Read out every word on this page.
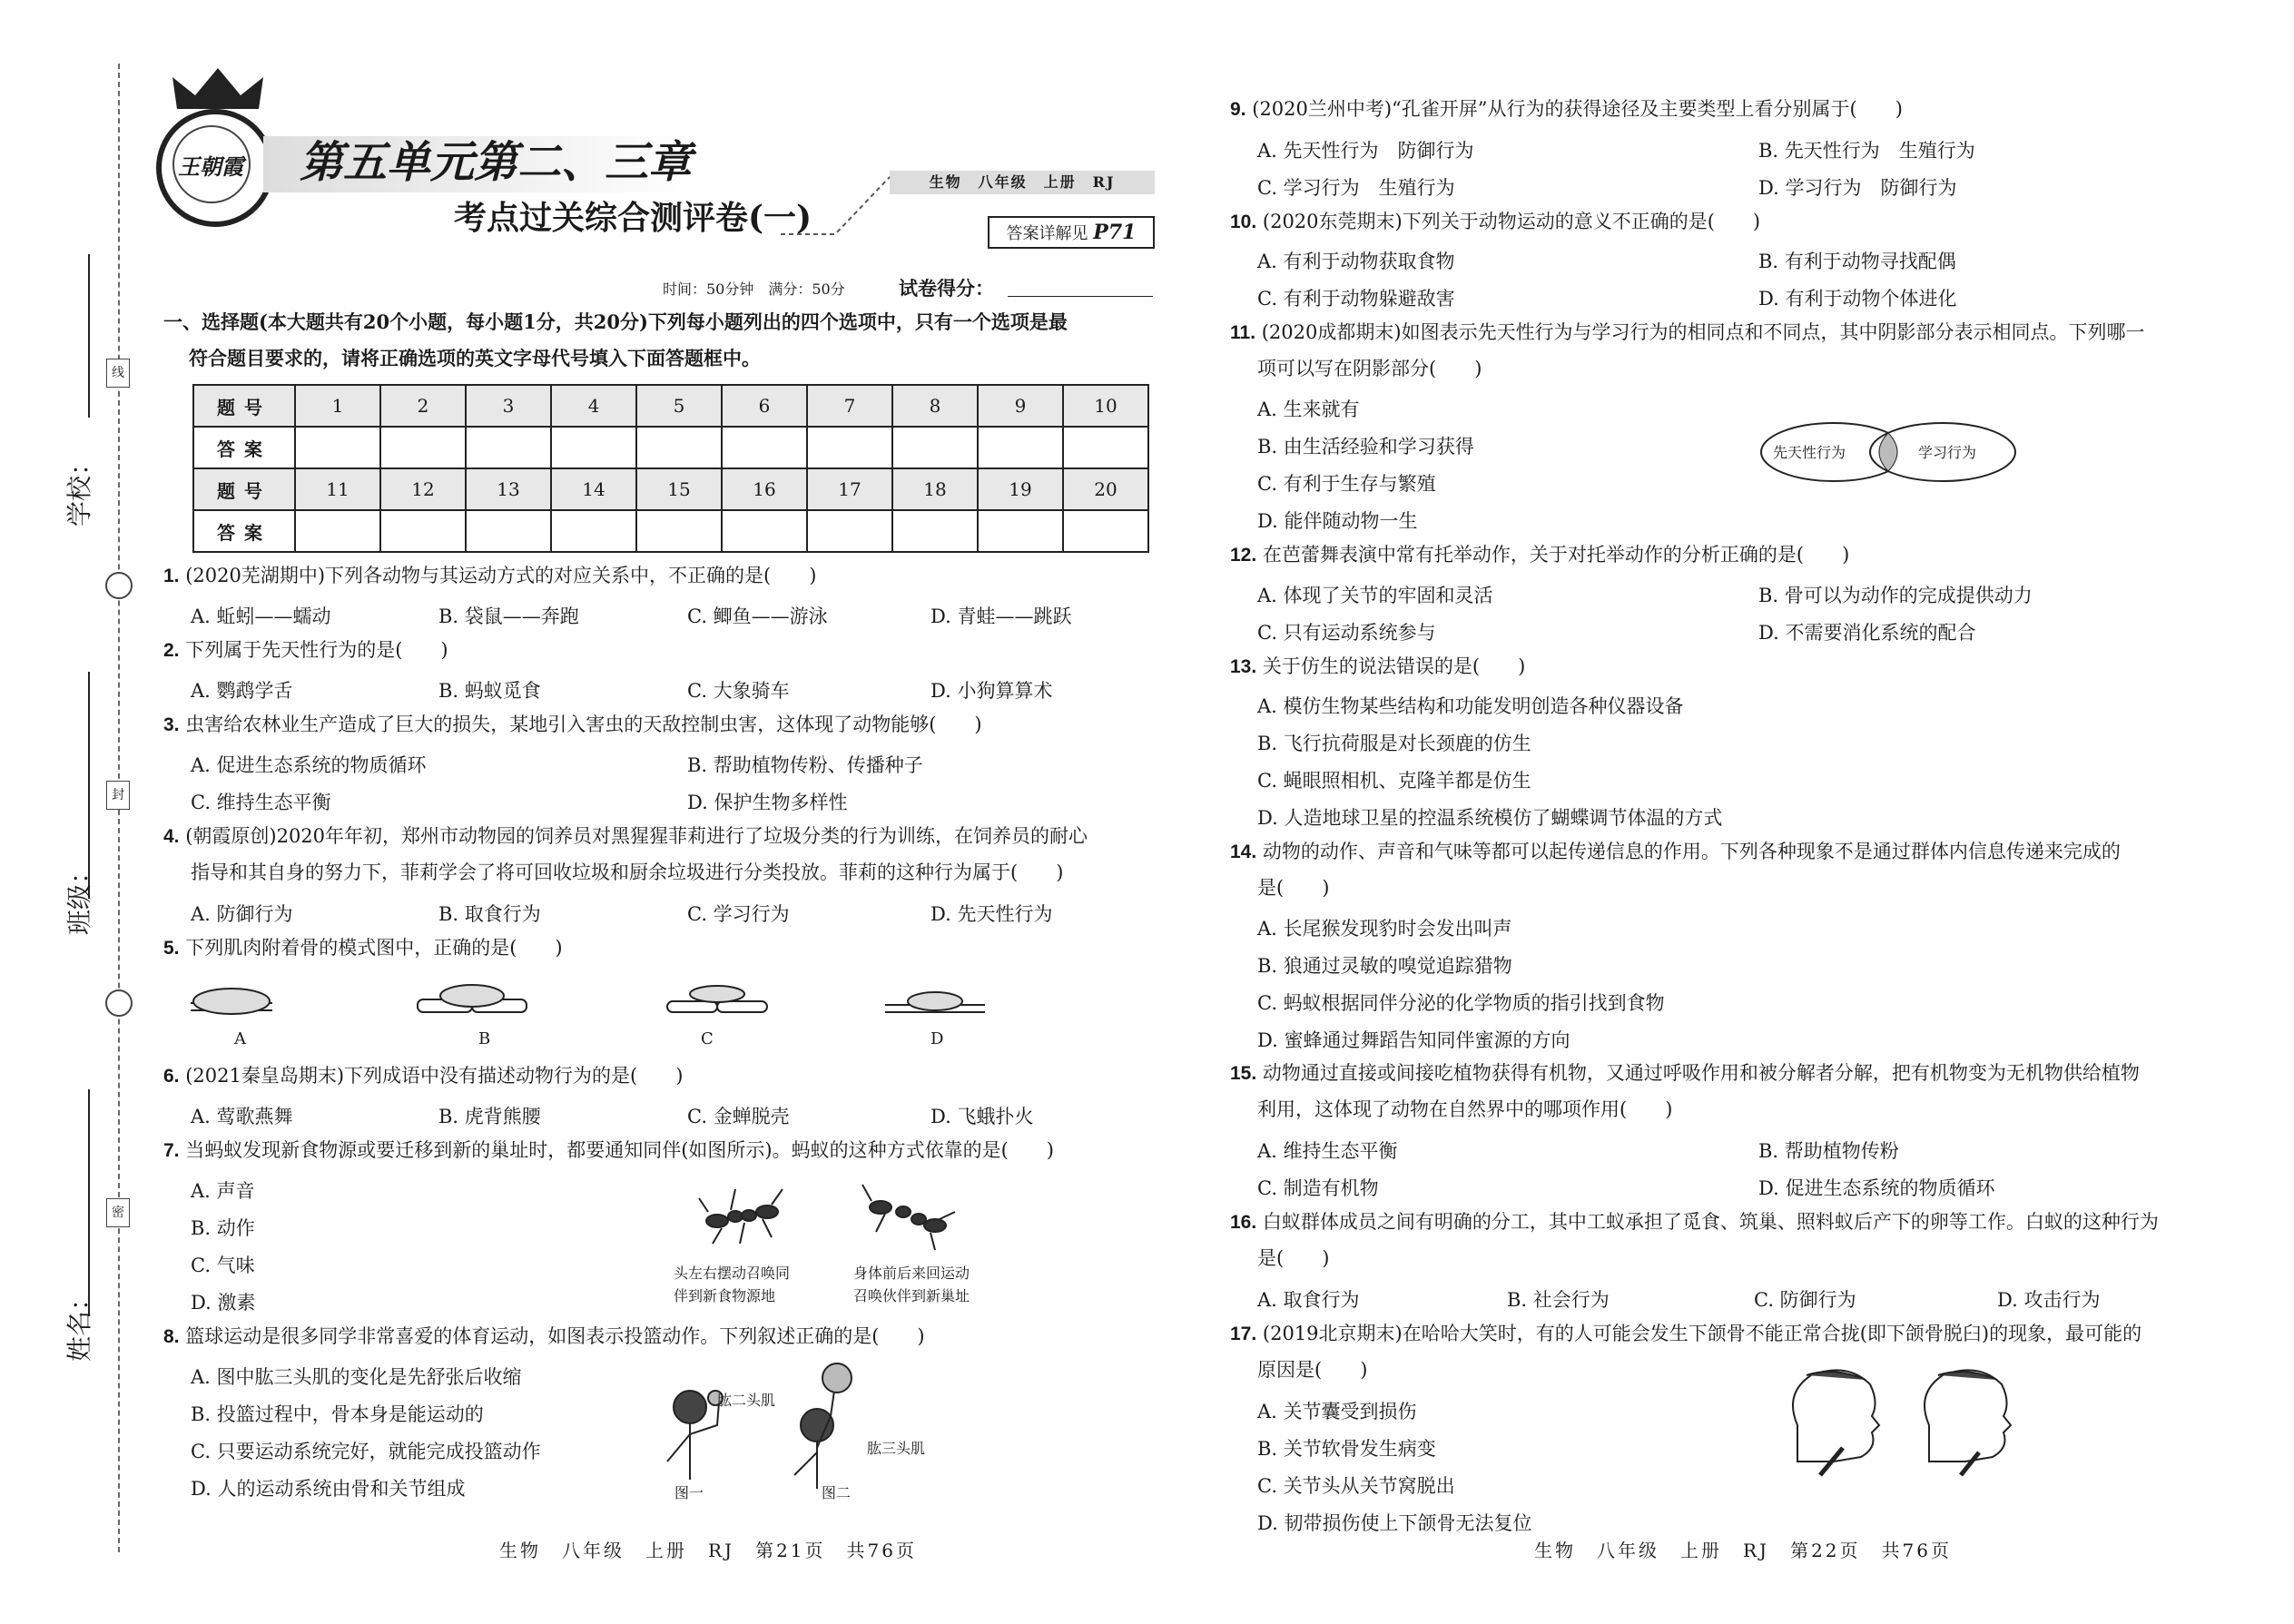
学校：
班级：
姓名：
线
封
密
王朝霞 第五单元第二、三章	生物　八年级　上册　RJ
考点过关综合测评卷(一)	答案详解见 P71
时间：50分钟　满分：50分	试卷得分：
一、选择题(本大题共有20个小题，每小题1分，共20分)下列每小题列出的四个选项中，只有一个选项是最
符合题目要求的，请将正确选项的英文字母代号填入下面答题框中。
题号	1	2	3	4	5	6	7	8	9	10
答案										
题号	11	12	13	14	15	16	17	18	19	20
答案										
1. (2020芜湖期中)下列各动物与其运动方式的对应关系中，不正确的是(　　)
A. 蚯蚓——蠕动	B. 袋鼠——奔跑	C. 鲫鱼——游泳	D. 青蛙——跳跃
2. 下列属于先天性行为的是(　　)
A. 鹦鹉学舌	B. 蚂蚁觅食	C. 大象骑车	D. 小狗算算术
3. 虫害给农林业生产造成了巨大的损失，某地引入害虫的天敌控制虫害，这体现了动物能够(　　)
A. 促进生态系统的物质循环	B. 帮助植物传粉、传播种子
C. 维持生态平衡	D. 保护生物多样性
4. (朝霞原创)2020年年初，郑州市动物园的饲养员对黑猩猩菲莉进行了垃圾分类的行为训练，在饲养员的耐心
指导和其自身的努力下，菲莉学会了将可回收垃圾和厨余垃圾进行分类投放。菲莉的这种行为属于(　　)
A. 防御行为	B. 取食行为	C. 学习行为	D. 先天性行为
5. 下列肌肉附着骨的模式图中，正确的是(　　)
A	B	C	D
6. (2021秦皇岛期末)下列成语中没有描述动物行为的是(　　)
A. 莺歌燕舞	B. 虎背熊腰	C. 金蝉脱壳	D. 飞蛾扑火
7. 当蚂蚁发现新食物源或要迁移到新的巢址时，都要通知同伴(如图所示)。蚂蚁的这种方式依靠的是(　　)
A. 声音
B. 动作
C. 气味
D. 激素
头左右摆动召唤同
伴到新食物源地
身体前后来回运动
召唤伙伴到新巢址
8. 篮球运动是很多同学非常喜爱的体育运动，如图表示投篮动作。下列叙述正确的是(　　)
A. 图中肱三头肌的变化是先舒张后收缩
B. 投篮过程中，骨本身是能运动的
C. 只要运动系统完好，就能完成投篮动作
D. 人的运动系统由骨和关节组成
肱二头肌
肱三头肌
图一	图二
生物　八年级　上册　RJ　第21页　共76页
9. (2020兰州中考)“孔雀开屏”从行为的获得途径及主要类型上看分别属于(　　)
A. 先天性行为　防御行为	B. 先天性行为　生殖行为
C. 学习行为　生殖行为	D. 学习行为　防御行为
10. (2020东莞期末)下列关于动物运动的意义不正确的是(　　)
A. 有利于动物获取食物	B. 有利于动物寻找配偶
C. 有利于动物躲避敌害	D. 有利于动物个体进化
11. (2020成都期末)如图表示先天性行为与学习行为的相同点和不同点，其中阴影部分表示相同点。下列哪一
项可以写在阴影部分(　　)
A. 生来就有
B. 由生活经验和学习获得
C. 有利于生存与繁殖
D. 能伴随动物一生
先天性行为	学习行为
12. 在芭蕾舞表演中常有托举动作，关于对托举动作的分析正确的是(　　)
A. 体现了关节的牢固和灵活	B. 骨可以为动作的完成提供动力
C. 只有运动系统参与	D. 不需要消化系统的配合
13. 关于仿生的说法错误的是(　　)
A. 模仿生物某些结构和功能发明创造各种仪器设备
B. 飞行抗荷服是对长颈鹿的仿生
C. 蝇眼照相机、克隆羊都是仿生
D. 人造地球卫星的控温系统模仿了蝴蝶调节体温的方式
14. 动物的动作、声音和气味等都可以起传递信息的作用。下列各种现象不是通过群体内信息传递来完成的
是(　　)
A. 长尾猴发现豹时会发出叫声
B. 狼通过灵敏的嗅觉追踪猎物
C. 蚂蚁根据同伴分泌的化学物质的指引找到食物
D. 蜜蜂通过舞蹈告知同伴蜜源的方向
15. 动物通过直接或间接吃植物获得有机物，又通过呼吸作用和被分解者分解，把有机物变为无机物供给植物
利用，这体现了动物在自然界中的哪项作用(　　)
A. 维持生态平衡	B. 帮助植物传粉
C. 制造有机物	D. 促进生态系统的物质循环
16. 白蚁群体成员之间有明确的分工，其中工蚁承担了觅食、筑巢、照料蚁后产下的卵等工作。白蚁的这种行为
是(　　)
A. 取食行为	B. 社会行为	C. 防御行为	D. 攻击行为
17. (2019北京期末)在哈哈大笑时，有的人可能会发生下颌骨不能正常合拢(即下颌骨脱臼)的现象，最可能的
原因是(　　)
A. 关节囊受到损伤
B. 关节软骨发生病变
C. 关节头从关节窝脱出
D. 韧带损伤使上下颌骨无法复位
生物　八年级　上册　RJ　第22页　共76页
